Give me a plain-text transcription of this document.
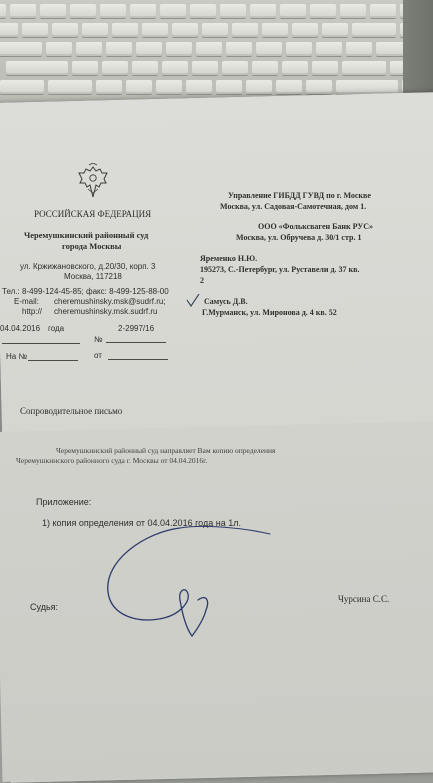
РОССИЙСКАЯ ФЕДЕРАЦИЯ
Черемушкинский районный суд
города Москвы
ул. Кржижановского, д.20/30, корп. 3
Москва, 117218
Тел.: 8-499-124-45-85; факс: 8-499-125-88-00
E-mail: cheremushinsky.msk@sudrf.ru;
http:// cheremushinsky.msk.sudrf.ru
04.04.2016 года	2-2997/16
№
На №	от
Управление ГИБДД ГУВД по г. Москве
Москва, ул. Садовая-Самотечная, дом 1.
ООО «Фольксваген Банк РУС»
Москва, ул. Обручева д. 30/1 стр. 1
Яременко Н.Ю.
195273, С.-Петербург, ул. Руставели д. 37 кв.
2
Самусь Д.В.
Г.Мурманск, ул. Миронова д. 4 кв. 52
Сопроводительное письмо
Черемушкинский районный суд направляет Вам копию определения
Черемушкинского районного суда г. Москвы от 04.04.2016г.
Приложение:
1) копия определения от 04.04.2016 года на 1л.
Судья:
Чурсина С.С.
